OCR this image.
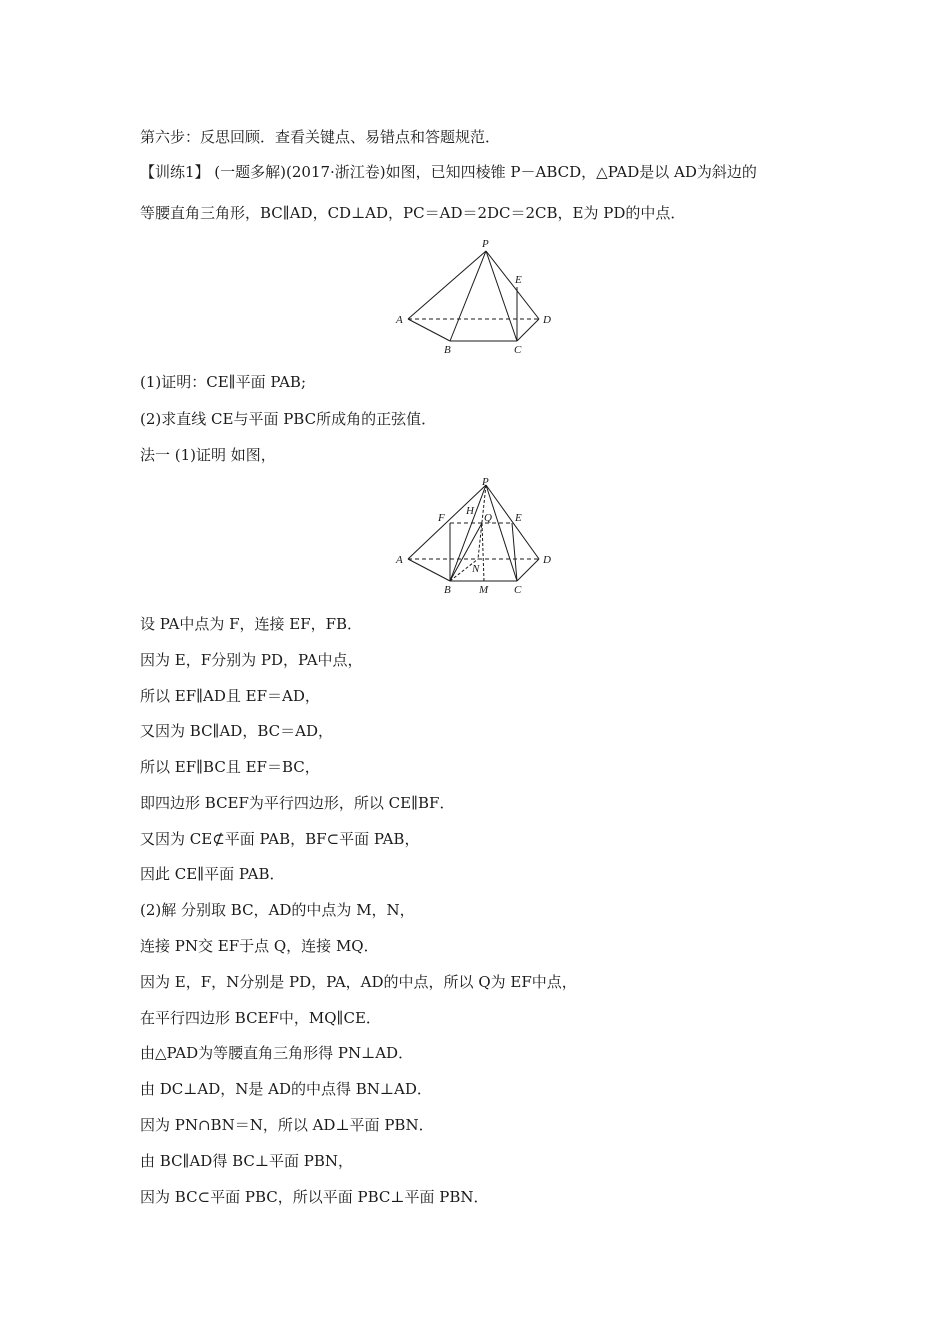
第六步：反思回顾．查看关键点、易错点和答题规范．
【训练1】 (一题多解)(2017·浙江卷)如图，已知四棱锥 P－ABCD，△PAD是以 AD为斜边的
等腰直角三角形，BC∥AD，CD⊥AD，PC＝AD＝2DC＝2CB，E为 PD的中点．
P
E
A	D
B	C
(1)证明：CE∥平面 PAB;
(2)求直线 CE与平面 PBC所成角的正弦值．
法一 (1)证明 如图，
P
F
H
Q E
A	D
N
B	M C
设 PA中点为 F，连接 EF，FB．
因为 E，F分别为 PD，PA中点，
所以 EF∥AD且 EF＝AD，
又因为 BC∥AD，BC＝AD，
所以 EF∥BC且 EF＝BC，
即四边形 BCEF为平行四边形，所以 CE∥BF．
又因为 CE⊄平面 PAB，BF⊂平面 PAB，
因此 CE∥平面 PAB．
(2)解 分别取 BC，AD的中点为 M，N，
连接 PN交 EF于点 Q，连接 MQ．
因为 E，F，N分别是 PD，PA，AD的中点，所以 Q为 EF中点，
在平行四边形 BCEF中，MQ∥CE．
由△PAD为等腰直角三角形得 PN⊥AD．
由 DC⊥AD，N是 AD的中点得 BN⊥AD．
因为 PN∩BN＝N，所以 AD⊥平面 PBN．
由 BC∥AD得 BC⊥平面 PBN，
因为 BC⊂平面 PBC，所以平面 PBC⊥平面 PBN．
